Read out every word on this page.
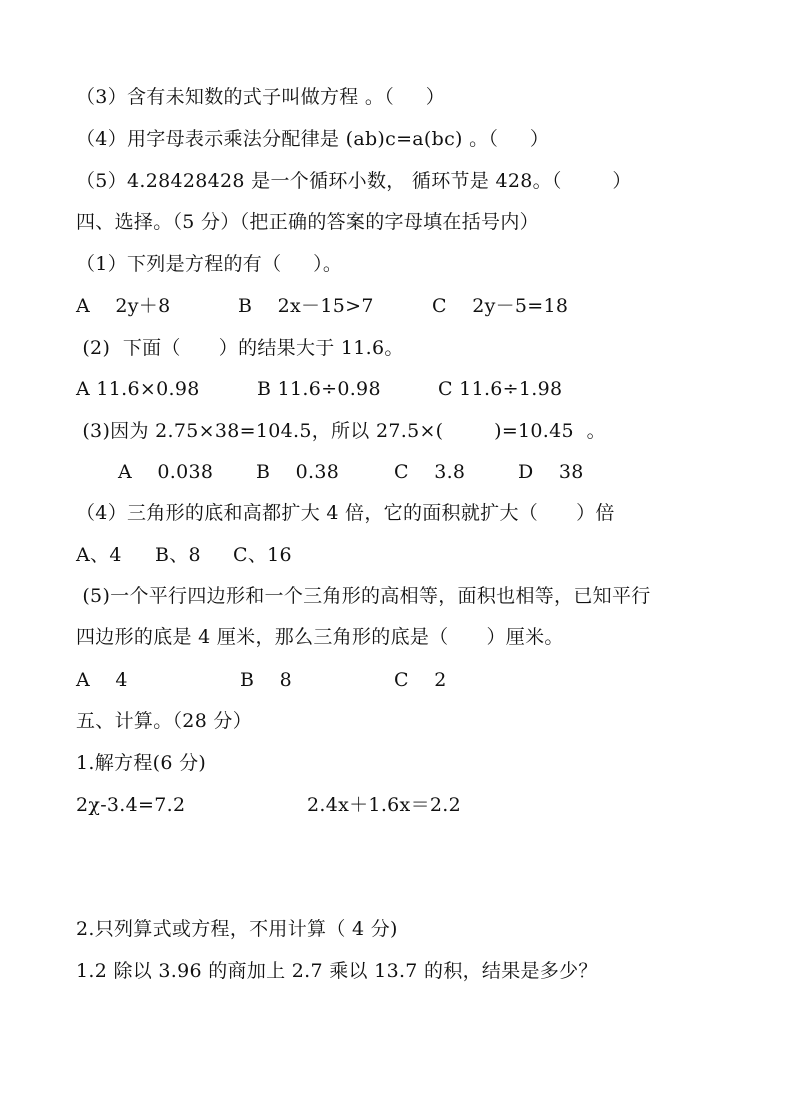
（3）含有未知数的式子叫做方程 。（     ）
（4）用字母表示乘法分配律是 (ab)c=a(bc) 。（     ）
（5）4.28428428 是一个循环小数， 循环节是 428。（        ）
四、选择。（5 分）（把正确的答案的字母填在括号内）
（1）下列是方程的有（     ）。
A    2y＋8	B    2x－15>7	C    2y－5=18
(2)  下面（      ）的结果大于 11.6。
A 11.6×0.98	B 11.6÷0.98	C 11.6÷1.98
(3)因为 2.75×38=104.5，所以 27.5×(        )=10.45  。
A    0.038 B    0.38	C    3.8	D    38
（4）三角形的底和高都扩大 4 倍，它的面积就扩大（      ）倍
A、4 B、8 C、16
(5)一个平行四边形和一个三角形的高相等，面积也相等，已知平行
四边形的底是 4 厘米，那么三角形的底是（      ）厘米。
A    4	B    8	C    2
五、计算。（28 分）
1.解方程(6 分)
2χ-3.4=7.2	2.4x＋1.6x＝2.2
2.只列算式或方程，不用计算（ 4 分)
1.2 除以 3.96 的商加上 2.7 乘以 13.7 的积，结果是多少？
